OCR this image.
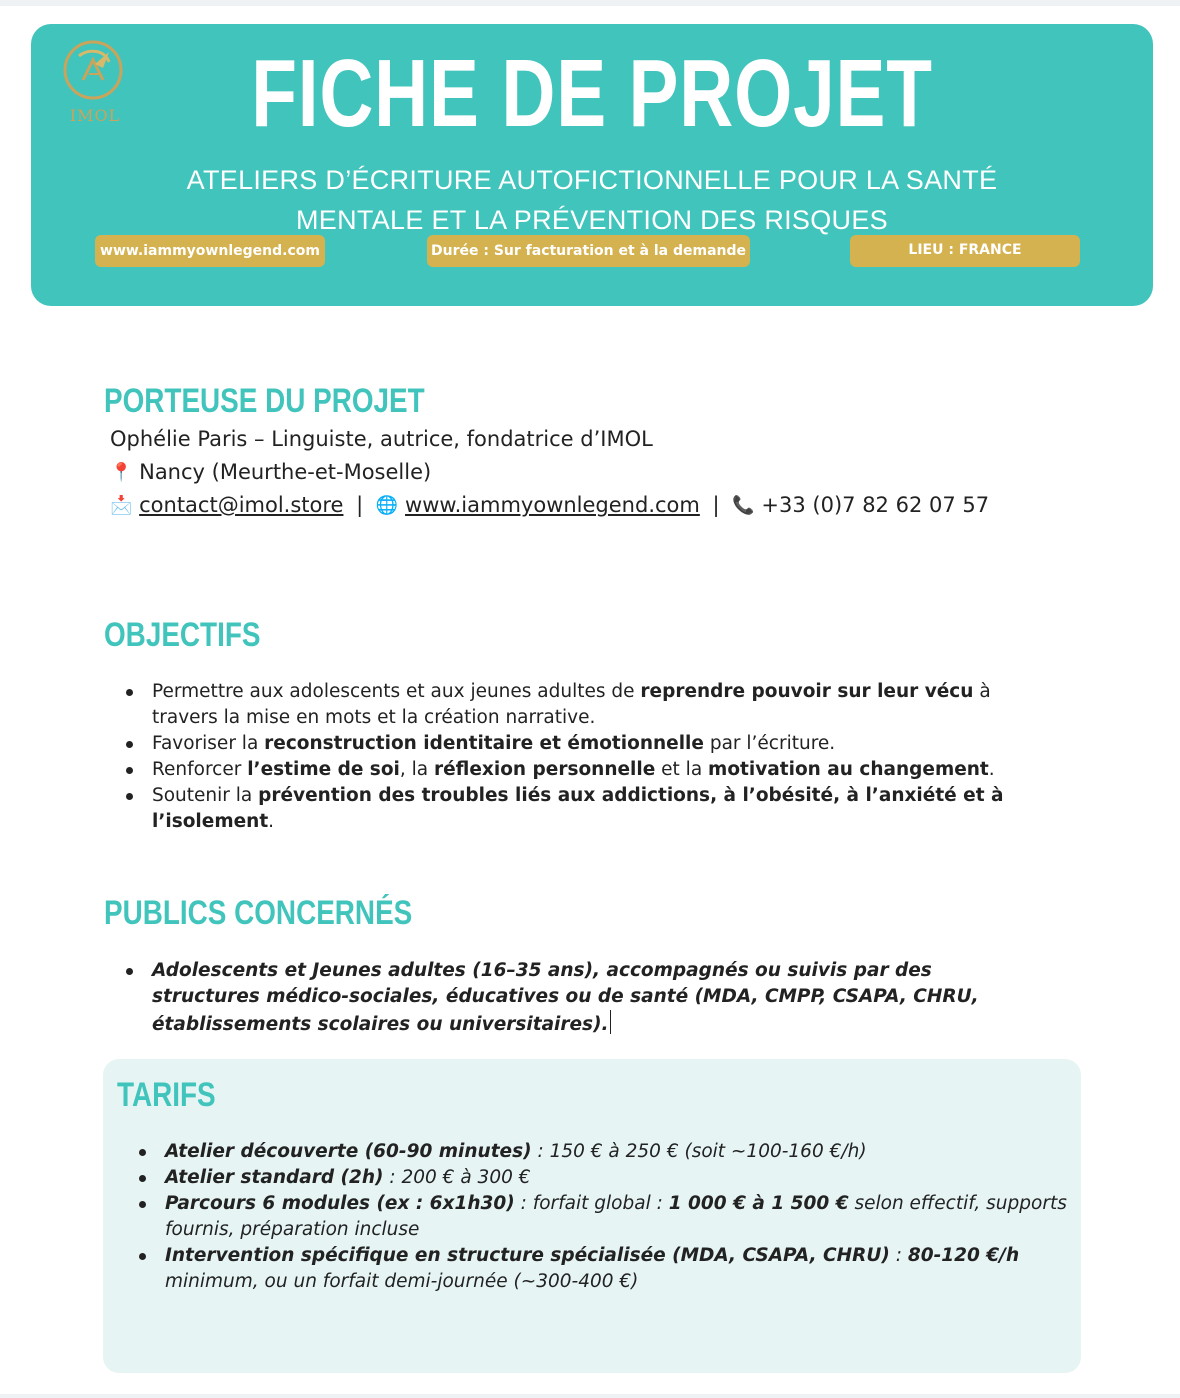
IMOL	FICHE DE PROJET
ATELIERS D’ÉCRITURE AUTOFICTIONNELLE POUR LA SANTÉ
MENTALE ET LA PRÉVENTION DES RISQUES
www.iammyownlegend.com	Durée : Sur facturation et à la demande	LIEU : FRANCE
PORTEUSE DU PROJET
Ophélie Paris – Linguiste, autrice, fondatrice d’IMOL
📍 Nancy (Meurthe-et-Moselle)
📩 contact@imol.store | 🌐 www.iammyownlegend.com | 📞 +33 (0)7 82 62 07 57
OBJECTIFS
Permettre aux adolescents et aux jeunes adultes de reprendre pouvoir sur leur vécu à travers la mise en mots et la création narrative.
Favoriser la reconstruction identitaire et émotionnelle par l’écriture.
Renforcer l’estime de soi, la réflexion personnelle et la motivation au changement.
Soutenir la prévention des troubles liés aux addictions, à l’obésité, à l’anxiété et à l’isolement.
PUBLICS CONCERNÉS
Adolescents et Jeunes adultes (16–35 ans), accompagnés ou suivis par des structures médico-sociales, éducatives ou de santé (MDA, CMPP, CSAPA, CHRU, établissements scolaires ou universitaires).
TARIFS
Atelier découverte (60-90 minutes) : 150 € à 250 € (soit ~100-160 €/h)
Atelier standard (2h) : 200 € à 300 €
Parcours 6 modules (ex : 6x1h30) : forfait global : 1 000 € à 1 500 € selon effectif, supports fournis, préparation incluse
Intervention spécifique en structure spécialisée (MDA, CSAPA, CHRU) : 80-120 €/h minimum, ou un forfait demi-journée (~300-400 €)
